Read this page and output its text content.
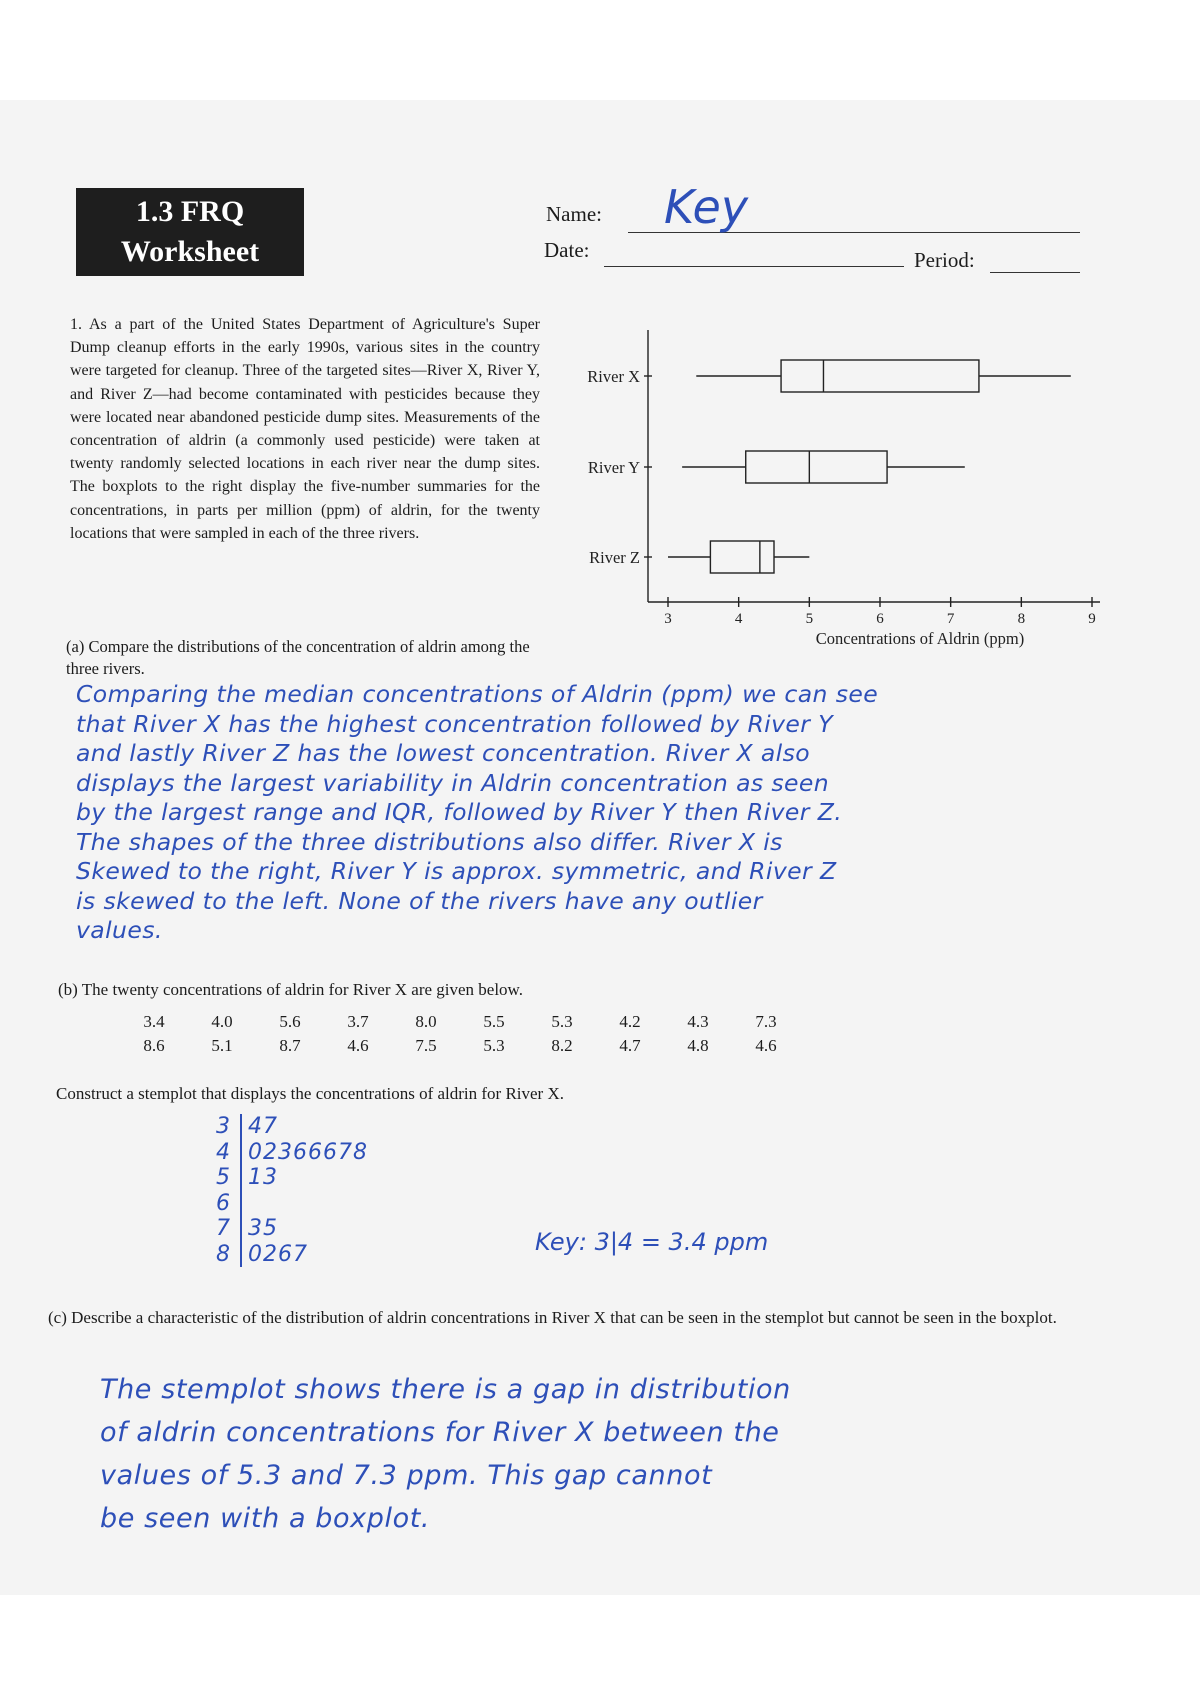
1.3 FRQ
Worksheet
Name: Key
Date:	Period:
1. As a part of the United States Department of Agriculture's Super Dump cleanup efforts in the early 1990s, various sites in the country were targeted for cleanup. Three of the targeted sites—River X, River Y, and River Z—had become contaminated with pesticides because they were located near abandoned pesticide dump sites. Measurements of the concentration of aldrin (a commonly used pesticide) were taken at twenty randomly selected locations in each river near the dump sites. The boxplots to the right display the five-number summaries for the concentrations, in parts per million (ppm) of aldrin, for the twenty locations that were sampled in each of the three rivers.
3	4	5	6	7	8	9
Concentrations of Aldrin (ppm)
River X
River Y
River Z
(a) Compare the distributions of the concentration of aldrin among the three rivers.
Comparing the median concentrations of Aldrin (ppm) we can see
that River X has the highest concentration followed by River Y
and lastly River Z has the lowest concentration. River X also
displays the largest variability in Aldrin concentration as seen
by the largest range and IQR, followed by River Y then River Z.
The shapes of the three distributions also differ. River X is
Skewed to the right, River Y is approx. symmetric, and River Z
is skewed to the left. None of the rivers have any outlier
values.
(b) The twenty concentrations of aldrin for River X are given below.
3.4	4.0	5.6	3.7	8.0	5.5	5.3	4.2	4.3	7.3
8.6	5.1	8.7	4.6	7.5	5.3	8.2	4.7	4.8	4.6
Construct a stemplot that displays the concentrations of aldrin for River X.
3 47
4 02366678
5 13
6
7 35
8 0267	Key: 3|4 = 3.4 ppm
(c) Describe a characteristic of the distribution of aldrin concentrations in River X that can be seen in the stemplot but cannot be seen in the boxplot.
The stemplot shows there is a gap in distribution
of aldrin concentrations for River X between the
values of 5.3 and 7.3 ppm. This gap cannot
be seen with a boxplot.
